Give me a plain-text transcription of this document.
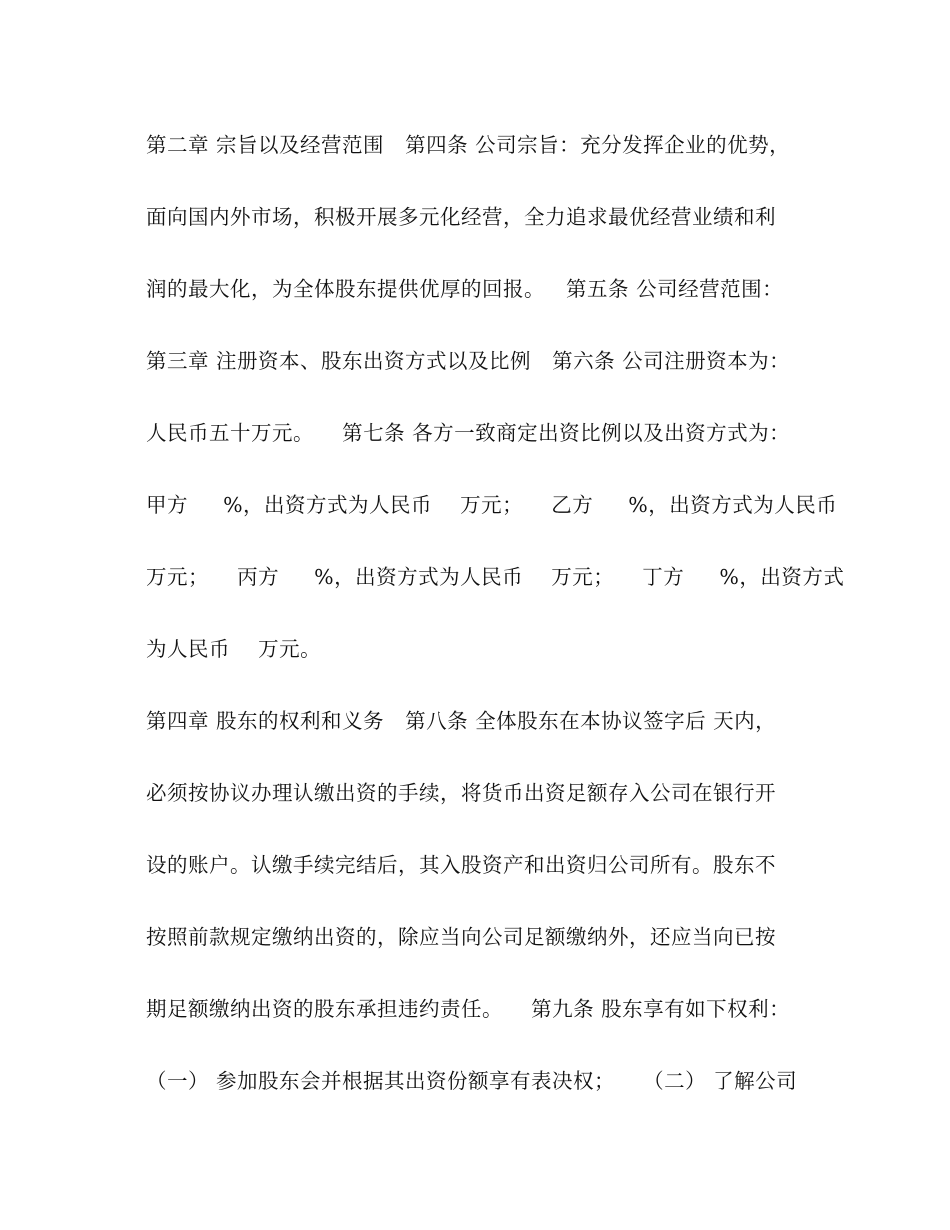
第二章 宗旨以及经营范围   第四条 公司宗旨：充分发挥企业的优势，
面向国内外市场，积极开展多元化经营，全力追求最优经营业绩和利
润的最大化，为全体股东提供优厚的回报。   第五条 公司经营范围：
第三章 注册资本、股东出资方式以及比例   第六条 公司注册资本为：
人民币五十万元。    第七条 各方一致商定出资比例以及出资方式为：
甲方     %，出资方式为人民币    万元；    乙方     %，出资方式为人民币
万元；    丙方     %，出资方式为人民币    万元；    丁方     %，出资方式
为人民币    万元。
第四章 股东的权利和义务   第八条 全体股东在本协议签字后 天内，
必须按协议办理认缴出资的手续，将货币出资足额存入公司在银行开
设的账户。认缴手续完结后，其入股资产和出资归公司所有。股东不
按照前款规定缴纳出资的，除应当向公司足额缴纳外，还应当向已按
期足额缴纳出资的股东承担违约责任。    第九条 股东享有如下权利：
（一） 参加股东会并根据其出资份额享有表决权；    （二） 了解公司
